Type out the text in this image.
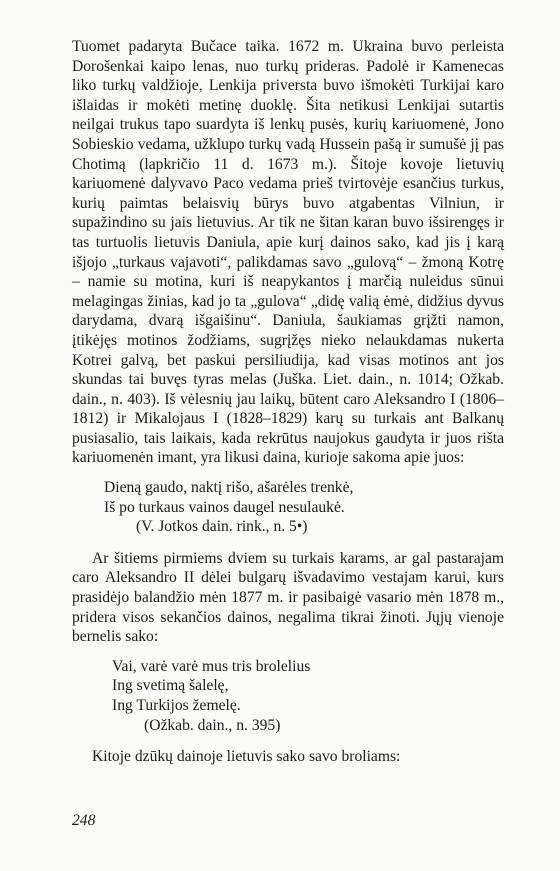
Tuomet padaryta Bučace taika. 1672 m. Ukraina buvo perleista Dorošenkai kaipo lenas, nuo turkų prideras. Padolė ir Kamenecas liko turkų valdžioje, Lenkija priversta buvo išmokėti Turkijai karo išlaidas ir mokėti metinę duoklę. Šita netikusi Lenkijai sutartis neilgai trukus tapo suardyta iš lenkų pusės, kurių kariuomenė, Jono Sobieskio vedama, užklupo turkų vadą Hussein pašą ir sumušė jį pas Chotimą (lapkričio 11 d. 1673 m.). Šitoje kovoje lietuvių kariuomenė dalyvavo Paco vedama prieš tvirtovėje esančius turkus, kurių paimtas belaisvių būrys buvo atgabentas Vilniun, ir supažindino su jais lietuvius. Ar tik ne šitan karan buvo išsirengęs ir tas turtuolis lietuvis Daniula, apie kurį dainos sako, kad jis į karą išjojo „turkaus vajavoti“, palikdamas savo „gulovą“ – žmoną Kotrę – namie su motina, kuri iš neapykantos į marčią nuleidus sūnui melagingas žinias, kad jo ta „gulova“ „didę valią ėmė, didžius dyvus darydama, dvarą išgaišinu“. Daniula, šaukiamas grįžti namon, įtikėjęs motinos žodžiams, sugrįžęs nieko nelaukdamas nukerta Kotrei galvą, bet paskui persiliudija, kad visas motinos ant jos skundas tai buvęs tyras melas (Juška. Liet. dain., n. 1014; Ožkab. dain., n. 403). Iš vėlesnių jau laikų, būtent caro Aleksandro I (1806–1812) ir Mikalojaus I (1828–1829) karų su turkais ant Balkanų pusiasalio, tais laikais, kada rekrūtus naujokus gaudyta ir juos rišta kariuomenėn imant, yra likusi daina, kurioje sakoma apie juos:

Dieną gaudo, naktį rišo, ašarėles trenkė,
Iš po turkaus vainos daugel nesulaukė.
(V. Jotkos dain. rink., n. 5•)

Ar šitiems pirmiems dviem su turkais karams, ar gal pastarajam caro Aleksandro II dėlei bulgarų išvadavimo vestajam karui, kurs prasidėjo balandžio mėn 1877 m. ir pasibaigė vasario mėn 1878 m., pridera visos sekančios dainos, negalima tikrai žinoti. Jųjų vienoje bernelis sako:

Vai, varė varė mus tris brolelius
Ing svetimą šalelę,
Ing Turkijos žemelę.
(Ožkab. dain., n. 395)

Kitoje dzūkų dainoje lietuvis sako savo broliams:

248
